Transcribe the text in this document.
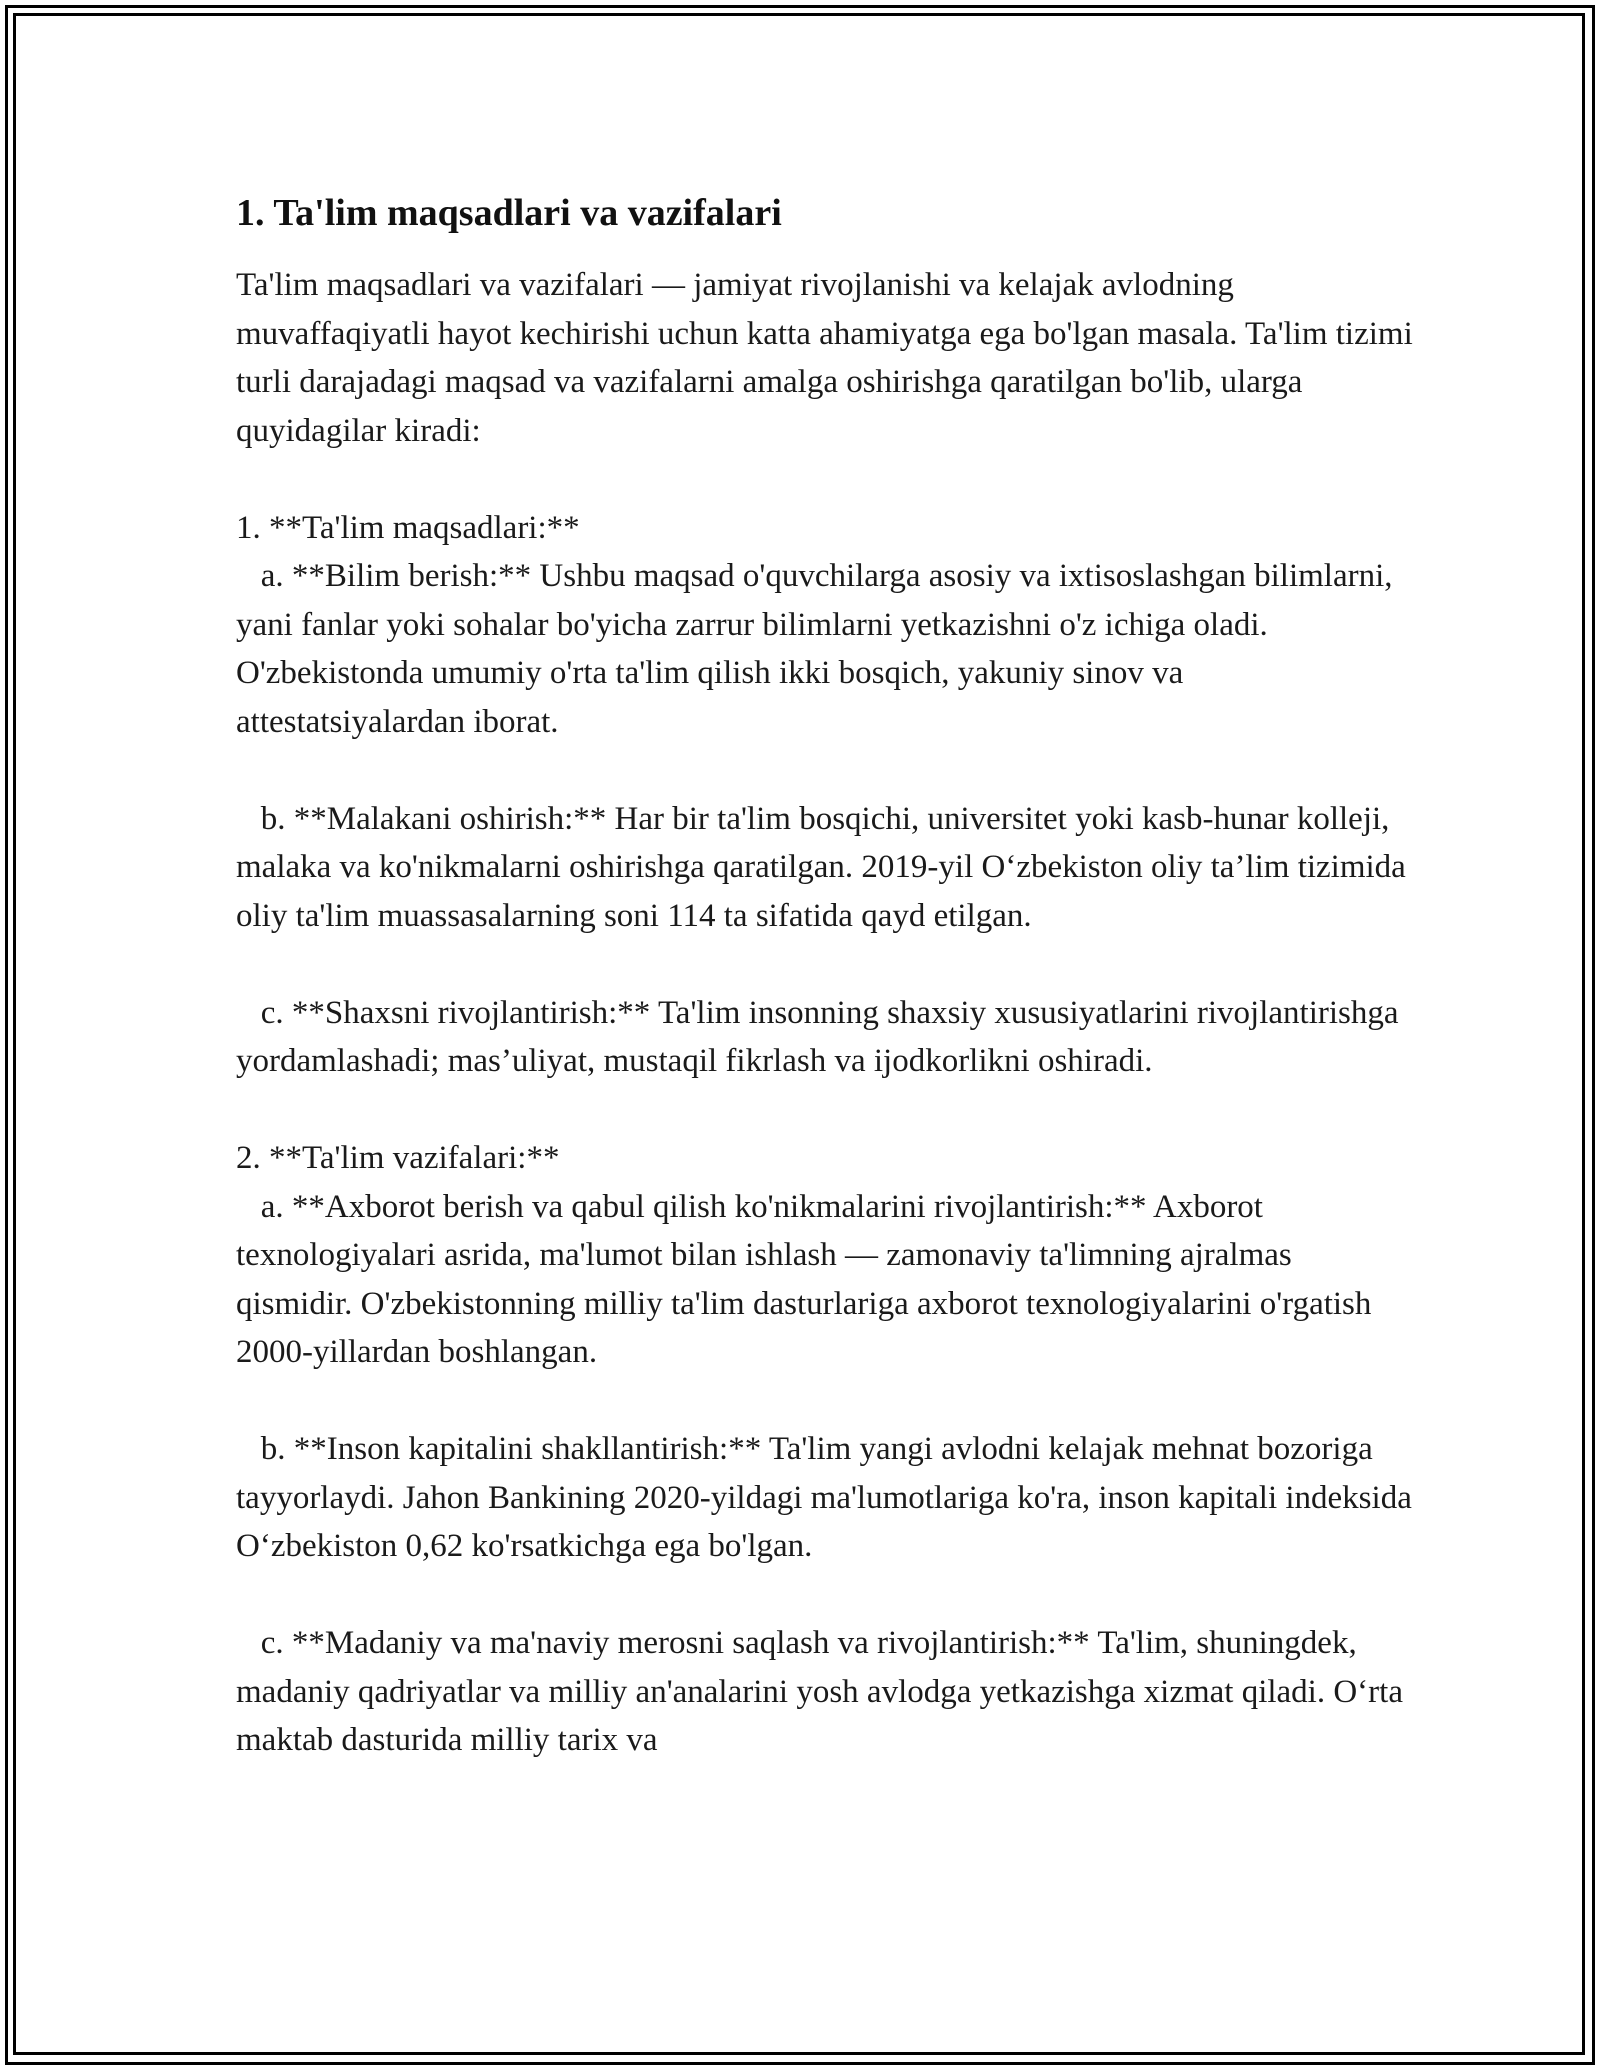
1. Ta'lim maqsadlari va vazifalari

Ta'lim maqsadlari va vazifalari — jamiyat rivojlanishi va kelajak avlodning muvaffaqiyatli hayot kechirishi uchun katta ahamiyatga ega bo'lgan masala. Ta'lim tizimi turli darajadagi maqsad va vazifalarni amalga oshirishga qaratilgan bo'lib, ularga quyidagilar kiradi:

1. **Ta'lim maqsadlari:**

a. **Bilim berish:** Ushbu maqsad o'quvchilarga asosiy va ixtisoslashgan bilimlarni, yani fanlar yoki sohalar bo'yicha zarrur bilimlarni yetkazishni o'z ichiga oladi. O'zbekistonda umumiy o'rta ta'lim qilish ikki bosqich, yakuniy sinov va attestatsiyalardan iborat.

b. **Malakani oshirish:** Har bir ta'lim bosqichi, universitet yoki kasb-hunar kolleji, malaka va ko'nikmalarni oshirishga qaratilgan. 2019-yil O‘zbekiston oliy ta’lim tizimida oliy ta'lim muassasalarning soni 114 ta sifatida qayd etilgan.

c. **Shaxsni rivojlantirish:** Ta'lim insonning shaxsiy xususiyatlarini rivojlantirishga yordamlashadi; mas’uliyat, mustaqil fikrlash va ijodkorlikni oshiradi.

2. **Ta'lim vazifalari:**

a. **Axborot berish va qabul qilish ko'nikmalarini rivojlantirish:** Axborot texnologiyalari asrida, ma'lumot bilan ishlash — zamonaviy ta'limning ajralmas qismidir. O'zbekistonning milliy ta'lim dasturlariga axborot texnologiyalarini o'rgatish 2000-yillardan boshlangan.

b. **Inson kapitalini shakllantirish:** Ta'lim yangi avlodni kelajak mehnat bozoriga tayyorlaydi. Jahon Bankining 2020-yildagi ma'lumotlariga ko'ra, inson kapitali indeksida O‘zbekiston 0,62 ko'rsatkichga ega bo'lgan.

c. **Madaniy va ma'naviy merosni saqlash va rivojlantirish:** Ta'lim, shuningdek, madaniy qadriyatlar va milliy an'analarini yosh avlodga yetkazishga xizmat qiladi. O‘rta maktab dasturida milliy tarix va
